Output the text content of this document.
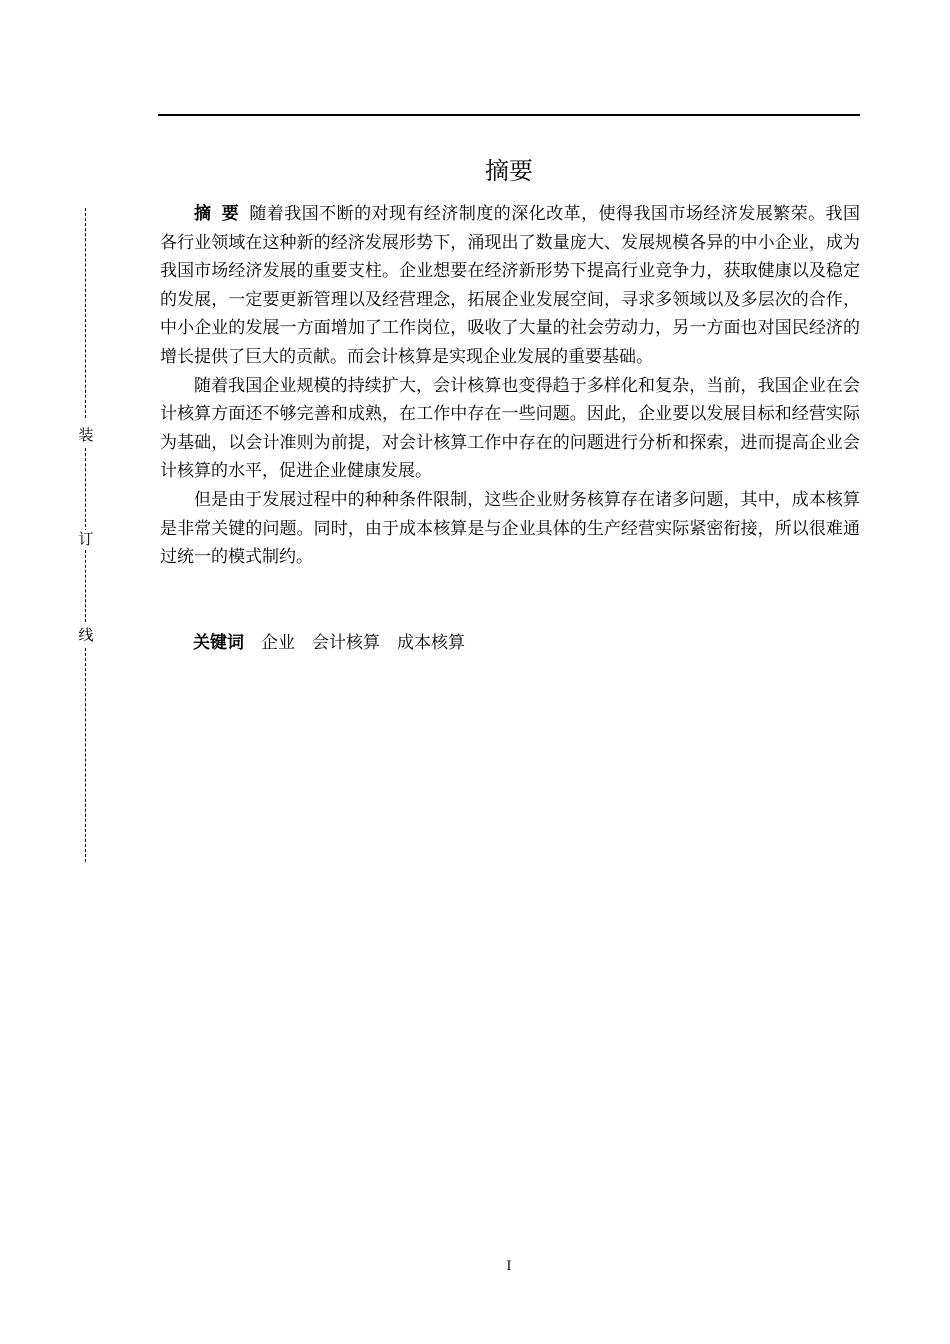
装
订
线
摘要

摘要随着我国不断的对现有经济制度的深化改革，使得我国市场经济发展繁荣。我国各行业领域在这种新的经济发展形势下，涌现出了数量庞大、发展规模各异的中小企业，成为我国市场经济发展的重要支柱。企业想要在经济新形势下提高行业竞争力，获取健康以及稳定的发展，一定要更新管理以及经营理念，拓展企业发展空间，寻求多领域以及多层次的合作，中小企业的发展一方面增加了工作岗位，吸收了大量的社会劳动力，另一方面也对国民经济的增长提供了巨大的贡献。而会计核算是实现企业发展的重要基础。

随着我国企业规模的持续扩大，会计核算也变得趋于多样化和复杂，当前，我国企业在会计核算方面还不够完善和成熟，在工作中存在一些问题。因此，企业要以发展目标和经营实际为基础，以会计准则为前提，对会计核算工作中存在的问题进行分析和探索，进而提高企业会计核算的水平，促进企业健康发展。

但是由于发展过程中的种种条件限制，这些企业财务核算存在诸多问题，其中，成本核算是非常关键的问题。同时，由于成本核算是与企业具体的生产经营实际紧密衔接，所以很难通过统一的模式制约。

关键词 企业 会计核算 成本核算
I
